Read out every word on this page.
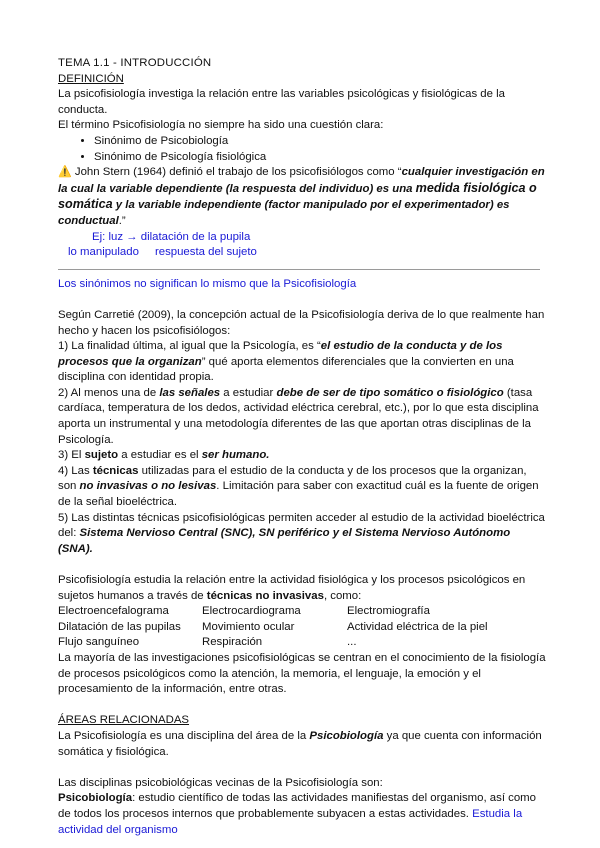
TEMA 1.1 - INTRODUCCIÓN

DEFINICIÓN

La psicofisiología investiga la relación entre las variables psicológicas y fisiológicas de la conducta.

El término Psicofisiología no siempre ha sido una cuestión clara:

• Sinónimo de Psicobiología
• Sinónimo de Psicología fisiológica

⚠️ John Stern (1964) definió el trabajo de los psicofisiólogos como “cualquier investigación en la cual la variable dependiente (la respuesta del individuo) es una medida fisiológica o somática y la variable independiente (factor manipulado por el experimentador) es conductual.”

Ej: luz → dilatación de la pupila

lo manipulado respuesta del sujeto

Los sinónimos no significan lo mismo que la Psicofisiología

Según Carretié (2009), la concepción actual de la Psicofisiología deriva de lo que realmente han hecho y hacen los psicofisiólogos:

1) La finalidad última, al igual que la Psicología, es “el estudio de la conducta y de los procesos que la organizan” qué aporta elementos diferenciales que la convierten en una disciplina con identidad propia.

2) Al menos una de las señales a estudiar debe de ser de tipo somático o fisiológico (tasa cardíaca, temperatura de los dedos, actividad eléctrica cerebral, etc.), por lo que esta disciplina aporta un instrumental y una metodología diferentes de las que aportan otras disciplinas de la Psicología.

3) El sujeto a estudiar es el ser humano.

4) Las técnicas utilizadas para el estudio de la conducta y de los procesos que la organizan, son no invasivas o no lesivas. Limitación para saber con exactitud cuál es la fuente de origen de la señal bioeléctrica.

5) Las distintas técnicas psicofisiológicas permiten acceder al estudio de la actividad bioeléctrica del: Sistema Nervioso Central (SNC), SN periférico y el Sistema Nervioso Autónomo (SNA).

Psicofisiología estudia la relación entre la actividad fisiológica y los procesos psicológicos en sujetos humanos a través de técnicas no invasivas, como:

Electroencefalograma	Electrocardiograma	Electromiografía
Dilatación de las pupilas	Movimiento ocular	Actividad eléctrica de la piel
Flujo sanguíneo	Respiración	...

La mayoría de las investigaciones psicofisiológicas se centran en el conocimiento de la fisiología de procesos psicológicos como la atención, la memoria, el lenguaje, la emoción y el procesamiento de la información, entre otras.

ÁREAS RELACIONADAS

La Psicofisiología es una disciplina del área de la Psicobiología ya que cuenta con información somática y fisiológica.

Las disciplinas psicobiológicas vecinas de la Psicofisiología son:

Psicobiología: estudio científico de todas las actividades manifiestas del organismo, así como de todos los procesos internos que probablemente subyacen a estas actividades. Estudia la actividad del organismo
